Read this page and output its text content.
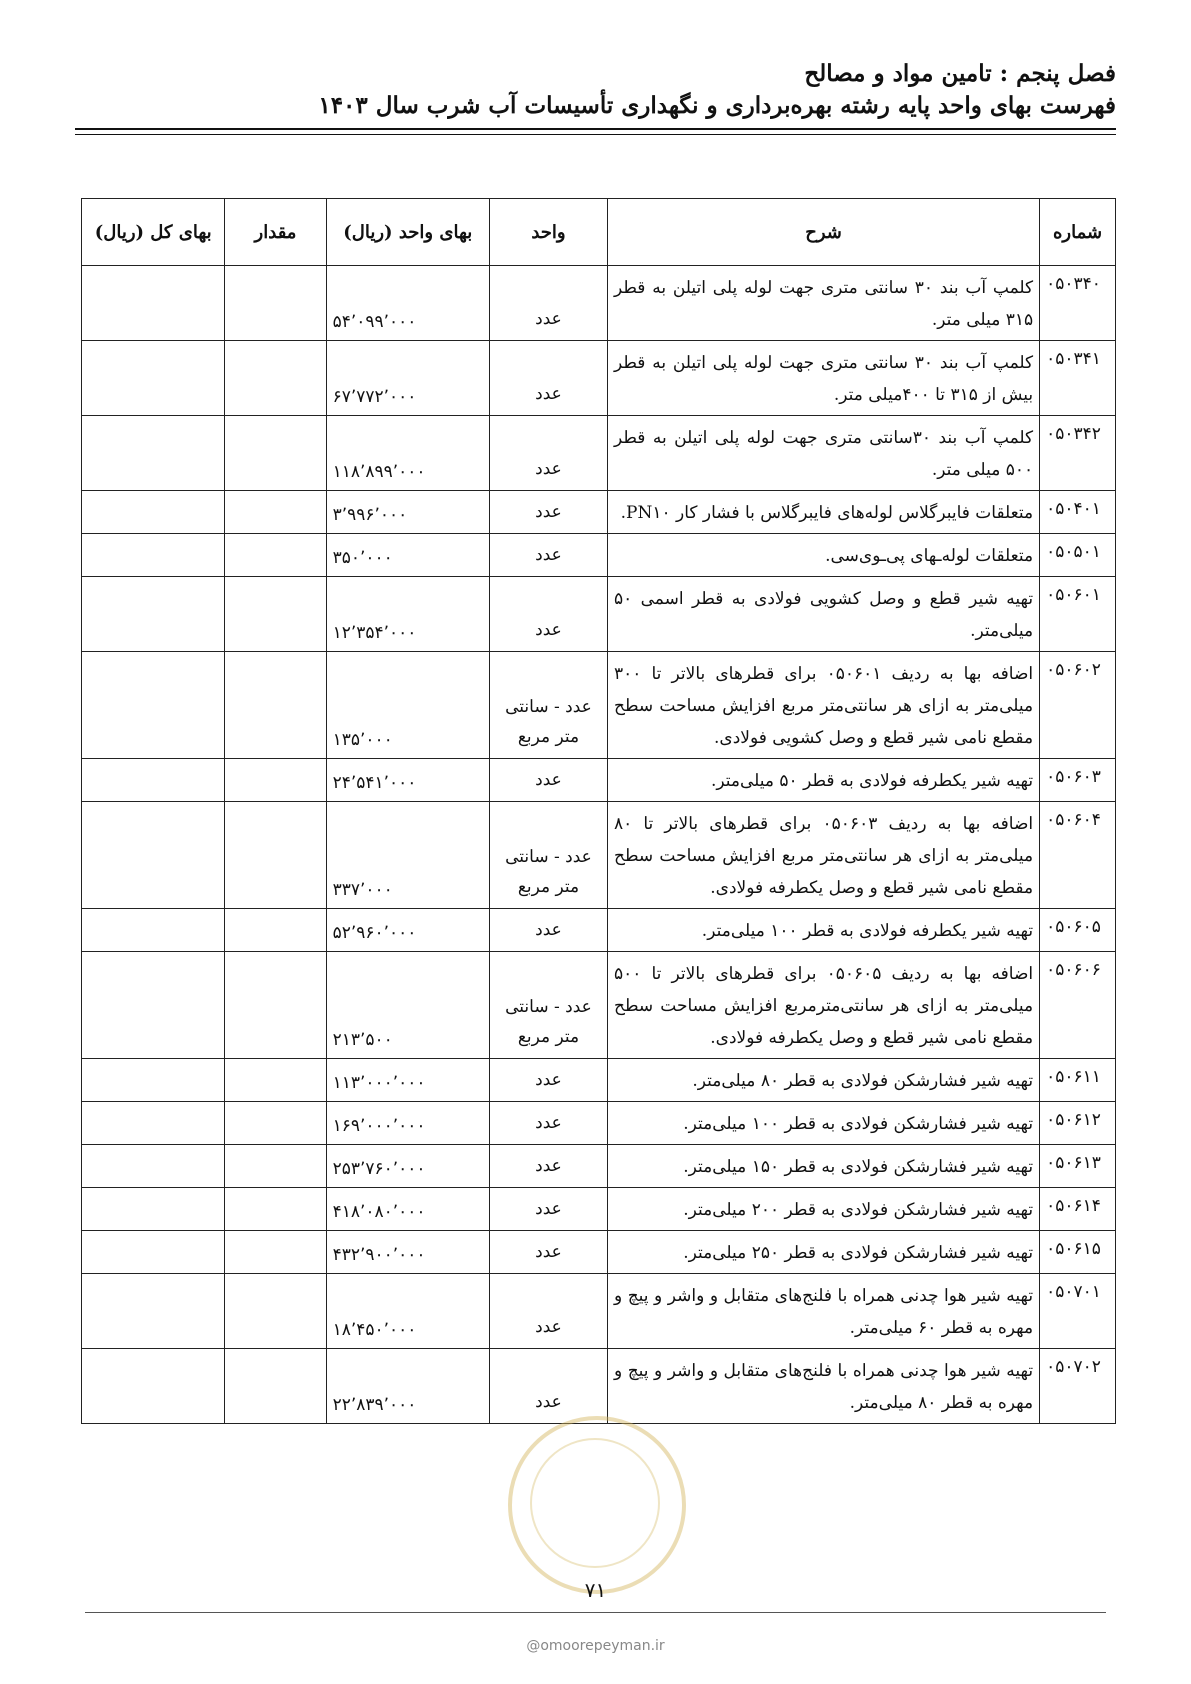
فصل پنجم : تامین مواد و مصالح
فهرست بهای واحد پایه رشته بهره‌برداری و نگهداری تأسیسات آب شرب سال ۱۴۰۳
شماره	شرح	واحد	بهای واحد (ریال)	مقدار	بهای کل (ریال)
۰۵۰۳۴۰	کلمپ آب بند ۳۰ سانتی متری جهت لوله پلی اتیلن به قطر ۳۱۵ میلی متر.	عدد	۵۴٬۰۹۹٬۰۰۰		
۰۵۰۳۴۱	کلمپ آب بند ۳۰ سانتی متری جهت لوله پلی اتیلن به قطر بیش از ۳۱۵ تا ۴۰۰میلی متر.	عدد	۶۷٬۷۷۲٬۰۰۰		
۰۵۰۳۴۲	کلمپ آب بند ۳۰سانتی متری جهت لوله پلی اتیلن به قطر ۵۰۰ میلی متر.	عدد	۱۱۸٬۸۹۹٬۰۰۰		
۰۵۰۴۰۱	متعلقات فایبرگلاس لوله‌های فایبرگلاس با فشار کار PN۱۰.	عدد	۳٬۹۹۶٬۰۰۰		
۰۵۰۵۰۱	متعلقات لوله‌ـهای پی‌ـوی‌سی.	عدد	۳۵۰٬۰۰۰		
۰۵۰۶۰۱	تهیه شیر قطع و وصل کشویی فولادی به قطر اسمی ۵۰ میلی‌متر.	عدد	۱۲٬۳۵۴٬۰۰۰		
۰۵۰۶۰۲	اضافه بها به ردیف ۰۵۰۶۰۱ برای قطرهای بالاتر تا ۳۰۰ میلی‌متر به ازای هر سانتی‌متر مربع افزایش مساحت سطح مقطع نامی شیر قطع و وصل کشویی فولادی.	عدد - سانتی متر مربع	۱۳۵٬۰۰۰		
۰۵۰۶۰۳	تهیه شیر یکطرفه فولادی به قطر ۵۰ میلی‌متر.	عدد	۲۴٬۵۴۱٬۰۰۰		
۰۵۰۶۰۴	اضافه بها به ردیف ۰۵۰۶۰۳ برای قطرهای بالاتر تا ۸۰ میلی‌متر به ازای هر سانتی‌متر مربع افزایش مساحت سطح مقطع نامی شیر قطع و وصل یکطرفه فولادی.	عدد - سانتی متر مربع	۳۳۷٬۰۰۰		
۰۵۰۶۰۵	تهیه شیر یکطرفه فولادی به قطر ۱۰۰ میلی‌متر.	عدد	۵۲٬۹۶۰٬۰۰۰		
۰۵۰۶۰۶	اضافه بها به ردیف ۰۵۰۶۰۵ برای قطرهای بالاتر تا ۵۰۰ میلی‌متر به ازای هر سانتی‌مترمربع افزایش مساحت سطح مقطع نامی شیر قطع و وصل یکطرفه فولادی.	عدد - سانتی متر مربع	۲۱۳٬۵۰۰		
۰۵۰۶۱۱	تهیه شیر فشارشکن فولادی به قطر ۸۰ میلی‌متر.	عدد	۱۱۳٬۰۰۰٬۰۰۰		
۰۵۰۶۱۲	تهیه شیر فشارشکن فولادی به قطر ۱۰۰ میلی‌متر.	عدد	۱۶۹٬۰۰۰٬۰۰۰		
۰۵۰۶۱۳	تهیه شیر فشارشکن فولادی به قطر ۱۵۰ میلی‌متر.	عدد	۲۵۳٬۷۶۰٬۰۰۰		
۰۵۰۶۱۴	تهیه شیر فشارشکن فولادی به قطر ۲۰۰ میلی‌متر.	عدد	۴۱۸٬۰۸۰٬۰۰۰		
۰۵۰۶۱۵	تهیه شیر فشارشکن فولادی به قطر ۲۵۰ میلی‌متر.	عدد	۴۳۲٬۹۰۰٬۰۰۰		
۰۵۰۷۰۱	تهیه شیر هوا چدنی همراه با فلنج‌های متقابل و واشر و پیچ و مهره به قطر ۶۰ میلی‌متر.	عدد	۱۸٬۴۵۰٬۰۰۰		
۰۵۰۷۰۲	تهیه شیر هوا چدنی همراه با فلنج‌های متقابل و واشر و پیچ و مهره به قطر ۸۰ میلی‌متر.	عدد	۲۲٬۸۳۹٬۰۰۰		
۷۱
@omoorepeyman.ir
